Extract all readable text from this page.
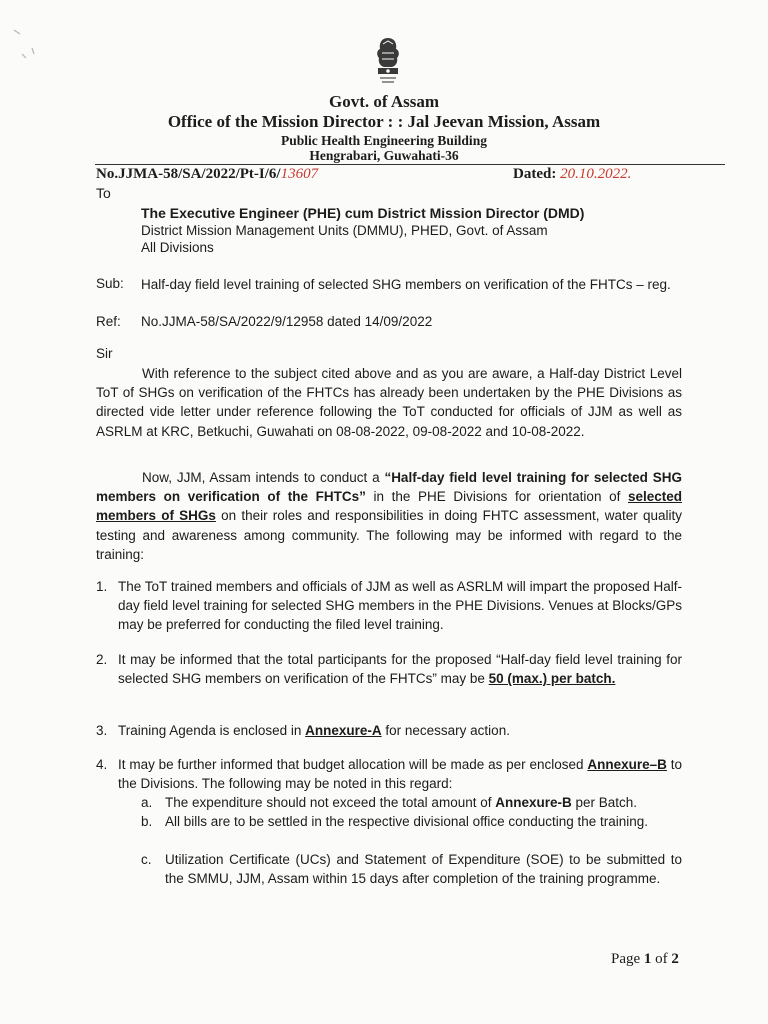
Govt. of Assam
Office of the Mission Director : : Jal Jeevan Mission, Assam
Public Health Engineering Building
Hengrabari, Guwahati-36
No.JJMA-58/SA/2022/Pt-I/6/13607	Dated: 20.10.2022.
To
The Executive Engineer (PHE) cum District Mission Director (DMD)
District Mission Management Units (DMMU), PHED, Govt. of Assam
All Divisions
Sub: Half-day field level training of selected SHG members on verification of the FHTCs – reg.
Ref: No.JJMA-58/SA/2022/9/12958 dated 14/09/2022
Sir

With reference to the subject cited above and as you are aware, a Half-day District Level ToT of SHGs on verification of the FHTCs has already been undertaken by the PHE Divisions as directed vide letter under reference following the ToT conducted for officials of JJM as well as ASRLM at KRC, Betkuchi, Guwahati on 08-08-2022, 09-08-2022 and 10-08-2022.

Now, JJM, Assam intends to conduct a “Half-day field level training for selected SHG members on verification of the FHTCs” in the PHE Divisions for orientation of selected members of SHGs on their roles and responsibilities in doing FHTC assessment, water quality testing and awareness among community. The following may be informed with regard to the training:

1. The ToT trained members and officials of JJM as well as ASRLM will impart the proposed Half-day field level training for selected SHG members in the PHE Divisions. Venues at Blocks/GPs may be preferred for conducting the filed level training.
2. It may be informed that the total participants for the proposed “Half-day field level training for selected SHG members on verification of the FHTCs” may be 50 (max.) per batch.
3. Training Agenda is enclosed in Annexure-A for necessary action.
4. It may be further informed that budget allocation will be made as per enclosed Annexure–B to the Divisions. The following may be noted in this regard:
a. The expenditure should not exceed the total amount of Annexure-B per Batch.
b. All bills are to be settled in the respective divisional office conducting the training.
c. Utilization Certificate (UCs) and Statement of Expenditure (SOE) to be submitted to the SMMU, JJM, Assam within 15 days after completion of the training programme.
Page 1 of 2
